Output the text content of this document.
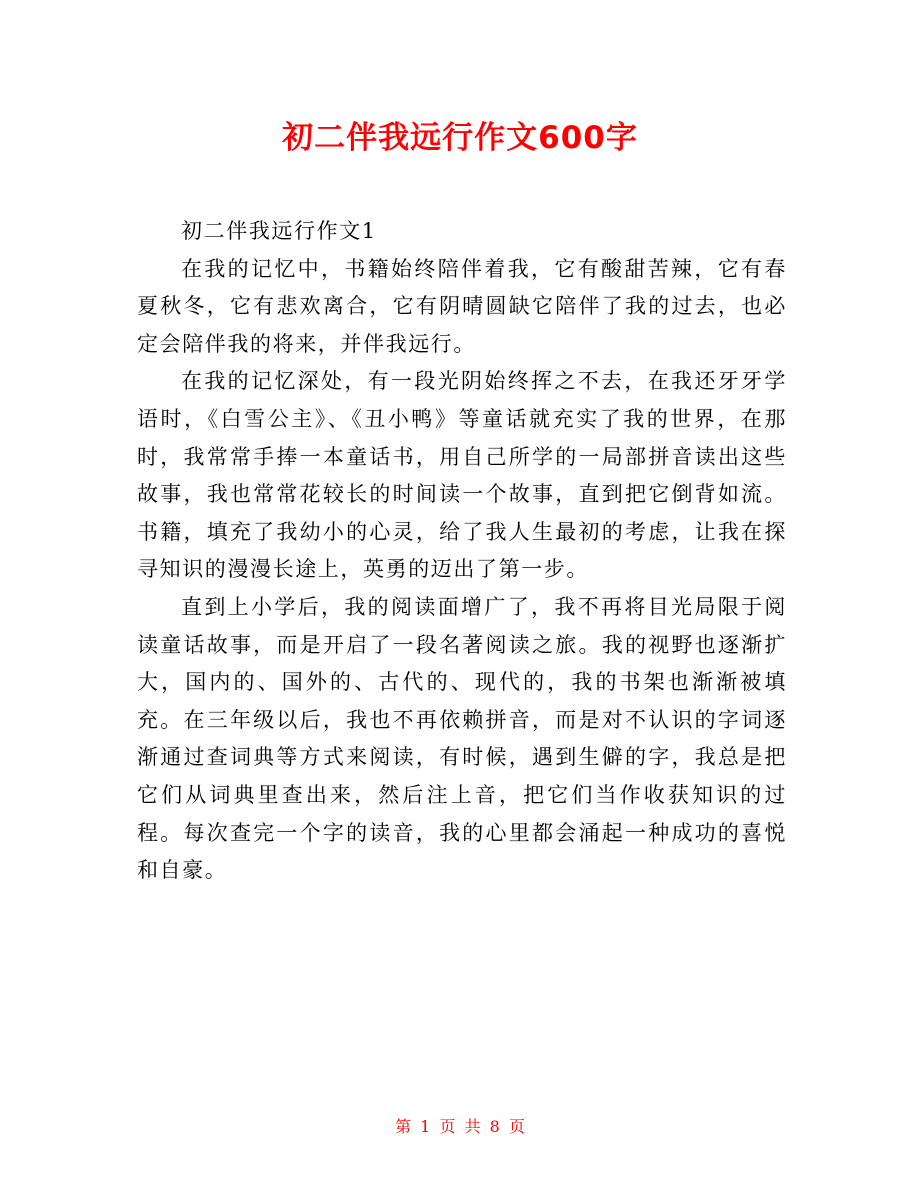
初二伴我远行作文600字

初二伴我远行作文1

在我的记忆中，书籍始终陪伴着我，它有酸甜苦辣，它有春夏秋冬，它有悲欢离合，它有阴晴圆缺它陪伴了我的过去，也必定会陪伴我的将来，并伴我远行。

在我的记忆深处，有一段光阴始终挥之不去，在我还牙牙学语时，《白雪公主》、《丑小鸭》等童话就充实了我的世界，在那时，我常常手捧一本童话书，用自己所学的一局部拼音读出这些故事，我也常常花较长的时间读一个故事，直到把它倒背如流。书籍，填充了我幼小的心灵，给了我人生最初的考虑，让我在探寻知识的漫漫长途上，英勇的迈出了第一步。

直到上小学后，我的阅读面增广了，我不再将目光局限于阅读童话故事，而是开启了一段名著阅读之旅。我的视野也逐渐扩大，国内的、国外的、古代的、现代的，我的书架也渐渐被填充。在三年级以后，我也不再依赖拼音，而是对不认识的字词逐渐通过查词典等方式来阅读，有时候，遇到生僻的字，我总是把它们从词典里查出来，然后注上音，把它们当作收获知识的过程。每次查完一个字的读音，我的心里都会涌起一种成功的喜悦和自豪。

第 1 页 共 8 页
